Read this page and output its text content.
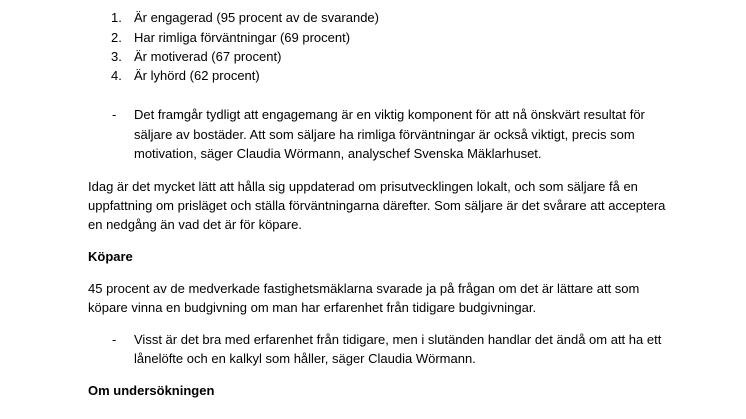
1. Är engagerad (95 procent av de svarande)
2. Har rimliga förväntningar (69 procent)
3. Är motiverad (67 procent)
4. Är lyhörd (62 procent)
- Det framgår tydligt att engagemang är en viktig komponent för att nå önskvärt resultat för
säljare av bostäder. Att som säljare ha rimliga förväntningar är också viktigt, precis som
motivation, säger Claudia Wörmann, analyschef Svenska Mäklarhuset.
Idag är det mycket lätt att hålla sig uppdaterad om prisutvecklingen lokalt, och som säljare få en
uppfattning om prisläget och ställa förväntningarna därefter. Som säljare är det svårare att acceptera
en nedgång än vad det är för köpare.
Köpare
45 procent av de medverkade fastighetsmäklarna svarade ja på frågan om det är lättare att som
köpare vinna en budgivning om man har erfarenhet från tidigare budgivningar.
- Visst är det bra med erfarenhet från tidigare, men i slutänden handlar det ändå om att ha ett
lånelöfte och en kalkyl som håller, säger Claudia Wörmann.
Om undersökningen
